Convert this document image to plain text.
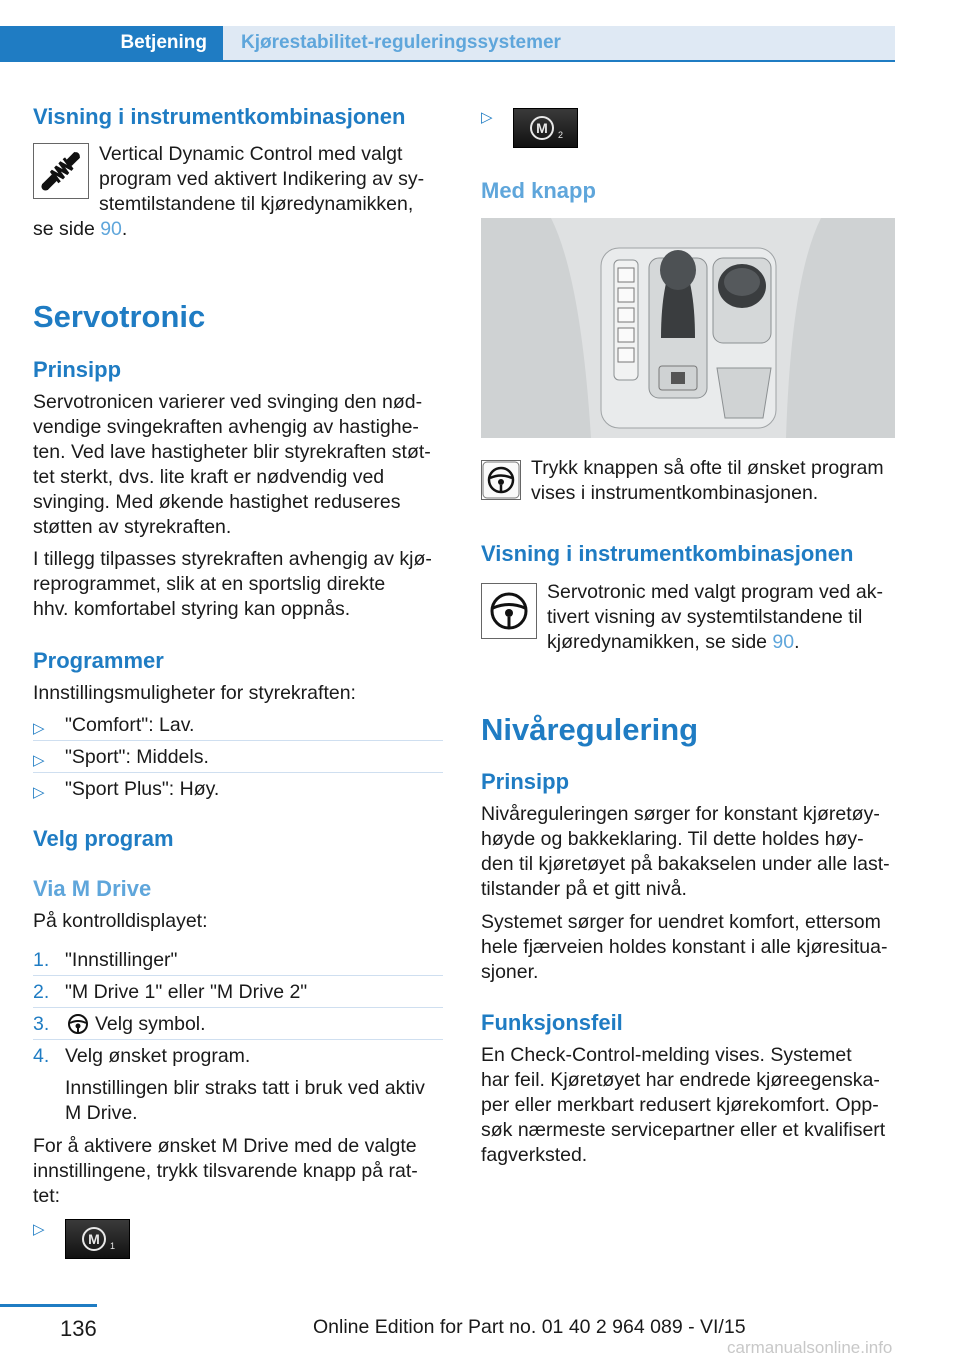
Betjening Kjørestabilitet-reguleringssystemer
Visning i instrumentkombinasjonen
Vertical Dynamic Control med valgt
program ved aktivert Indikering av sy-
stemtilstandene til kjøredynamikken,
se side 90.
Servotronic
Prinsipp
Servotronicen varierer ved svinging den nød-
vendige svingekraften avhengig av hastighe-
ten. Ved lave hastigheter blir styrekraften støt-
tet sterkt, dvs. lite kraft er nødvendig ved
svinging. Med økende hastighet reduseres
støtten av styrekraften.
I tillegg tilpasses styrekraften avhengig av kjø-
reprogrammet, slik at en sportslig direkte
hhv. komfortabel styring kan oppnås.
Programmer
Innstillingsmuligheter for styrekraften:
▷ "Comfort": Lav.
▷ "Sport": Middels.
▷ "Sport Plus": Høy.
Velg program
Via M Drive
På kontrolldisplayet:
1. "Innstillinger"
2. "M Drive 1" eller "M Drive 2"
3. Velg symbol.
4. Velg ønsket program.
Innstillingen blir straks tatt i bruk ved aktiv
M Drive.
For å aktivere ønsket M Drive med de valgte
innstillingene, trykk tilsvarende knapp på rat-
tet:
▷
M 1
▷
M 2
Med knapp
Trykk knappen så ofte til ønsket program
vises i instrumentkombinasjonen.
Visning i instrumentkombinasjonen
Servotronic med valgt program ved ak-
tivert visning av systemtilstandene til
kjøredynamikken, se side 90.
Nivåregulering
Prinsipp
Nivåreguleringen sørger for konstant kjøretøy-
høyde og bakkeklaring. Til dette holdes høy-
den til kjøretøyet på bakakselen under alle last-
tilstander på et gitt nivå.
Systemet sørger for uendret komfort, ettersom
hele fjærveien holdes konstant i alle kjøresitua-
sjoner.
Funksjonsfeil
En Check-Control-melding vises. Systemet
har feil. Kjøretøyet har endrede kjøreegenska-
per eller merkbart redusert kjørekomfort. Opp-
søk nærmeste servicepartner eller et kvalifisert
fagverksted.
136	Online Edition for Part no. 01 40 2 964 089 - VI/15
carmanualsonline.info
